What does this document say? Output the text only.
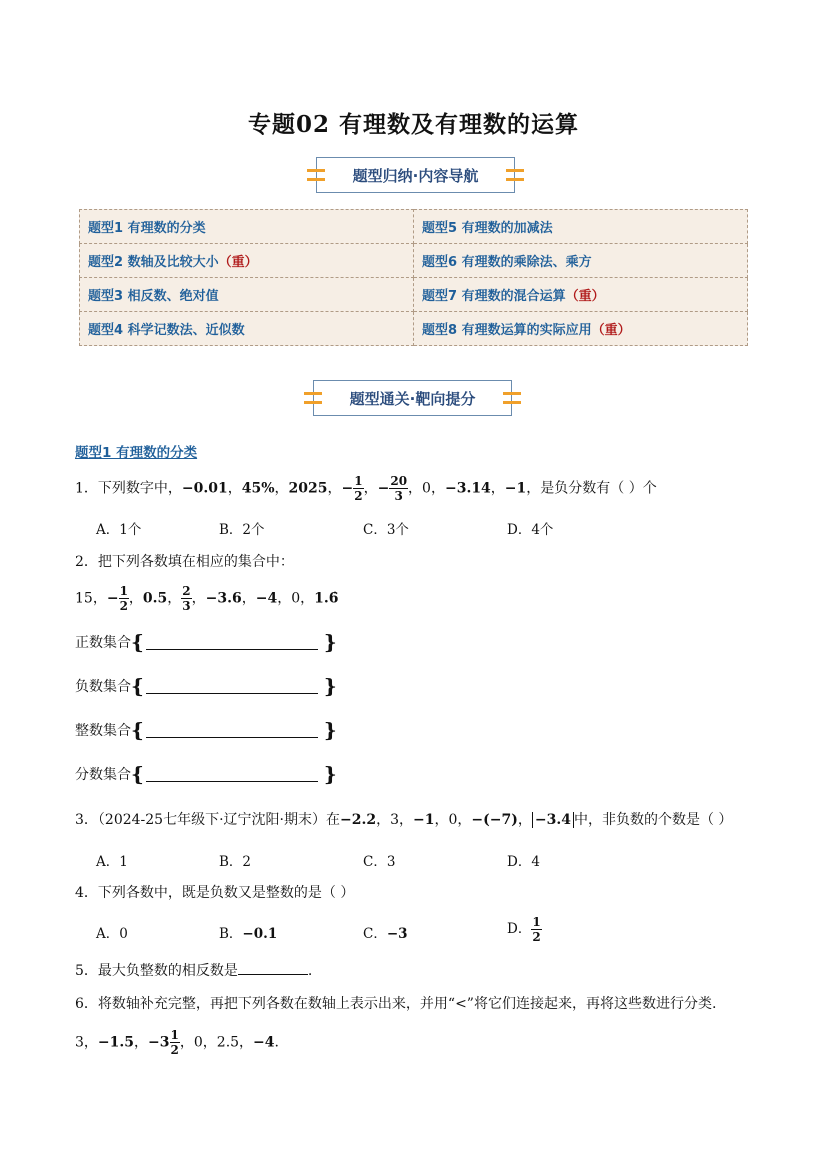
专题02 有理数及有理数的运算
题型归纳·内容导航
题型1 有理数的分类	题型5 有理数的加减法
题型2 数轴及比较大小（重）	题型6 有理数的乘除法、乘方
题型3 相反数、绝对值	题型7 有理数的混合运算（重）
题型4 科学记数法、近似数	题型8 有理数运算的实际应用（重）
题型通关·靶向提分
题型1 有理数的分类
1．下列数字中，−0.01，45%，2025，− $\frac{1}{2}$ ，− $\frac{20}{3}$ ，0，−3.14，−1，是负分数有（ ）个
A．1个	B．2个	C．3个	D．4个
2．把下列各数填在相应的集合中：
15，− $\frac{1}{2}$ ，0.5， $\frac{2}{3}$ ，−3.6，−4，0，1.6̇
正数集合 {	}
负数集合 {	}
整数集合 {	}
分数集合 {	}
3．（2024-25七年级下·辽宁沈阳·期末）在−2.2，3，−1，0，−(−7)， −3.4 中，非负数的个数是（ ）
A．1	B．2	C．3	D．4
4．下列各数中，既是负数又是整数的是（ ）
A．0	B．−0.1	C．−3	D． $\frac{1}{2}$
5．最大负整数的相反数是	.
6．将数轴补充完整，再把下列各数在数轴上表示出来，并用“<”将它们连接起来，再将这些数进行分类.
3，−1.5，$-3 \frac{1}{2}$ ，0，2.5，−4.
